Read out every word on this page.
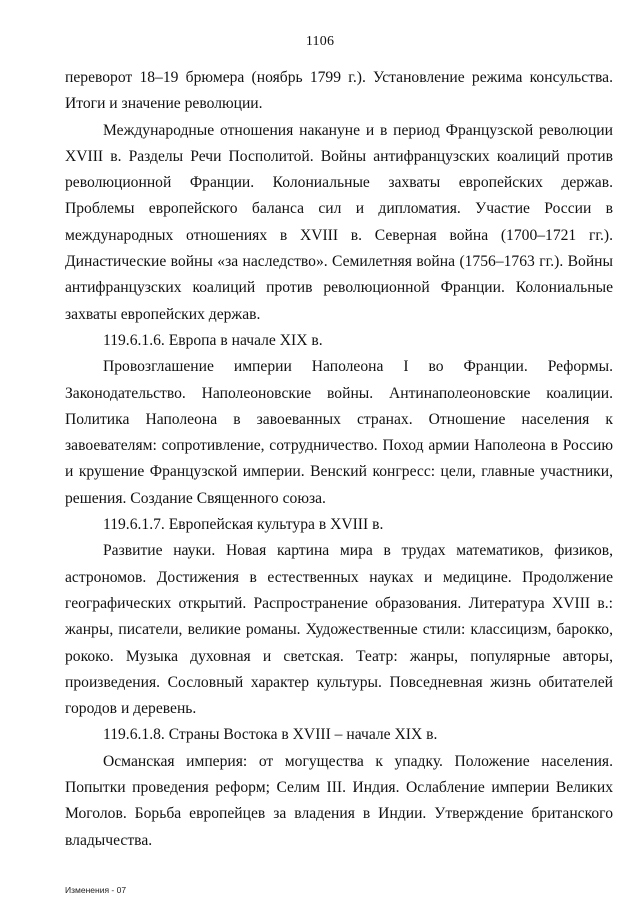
1106

переворот 18–19 брюмера (ноябрь 1799 г.). Установление режима консульства. Итоги и значение революции.

Международные отношения накануне и в период Французской революции XVIII в. Разделы Речи Посполитой. Войны антифранцузских коалиций против революционной Франции. Колониальные захваты европейских держав. Проблемы европейского баланса сил и дипломатия. Участие России в международных отношениях в XVIII в. Северная война (1700–1721 гг.). Династические войны «за наследство». Семилетняя война (1756–1763 гг.). Войны антифранцузских коалиций против революционной Франции. Колониальные захваты европейских держав.

119.6.1.6. Европа в начале XIX в.

Провозглашение империи Наполеона I во Франции. Реформы. Законодательство. Наполеоновские войны. Антинаполеоновские коалиции. Политика Наполеона в завоеванных странах. Отношение населения к завоевателям: сопротивление, сотрудничество. Поход армии Наполеона в Россию и крушение Французской империи. Венский конгресс: цели, главные участники, решения. Создание Священного союза.

119.6.1.7. Европейская культура в XVIII в.

Развитие науки. Новая картина мира в трудах математиков, физиков, астрономов. Достижения в естественных науках и медицине. Продолжение географических открытий. Распространение образования. Литература XVIII в.: жанры, писатели, великие романы. Художественные стили: классицизм, барокко, рококо. Музыка духовная и светская. Театр: жанры, популярные авторы, произведения. Сословный характер культуры. Повседневная жизнь обитателей городов и деревень.

119.6.1.8. Страны Востока в XVIII – начале XIX в.

Османская империя: от могущества к упадку. Положение населения. Попытки проведения реформ; Селим III. Индия. Ослабление империи Великих Моголов. Борьба европейцев за владения в Индии. Утверждение британского владычества.

Изменения - 07
